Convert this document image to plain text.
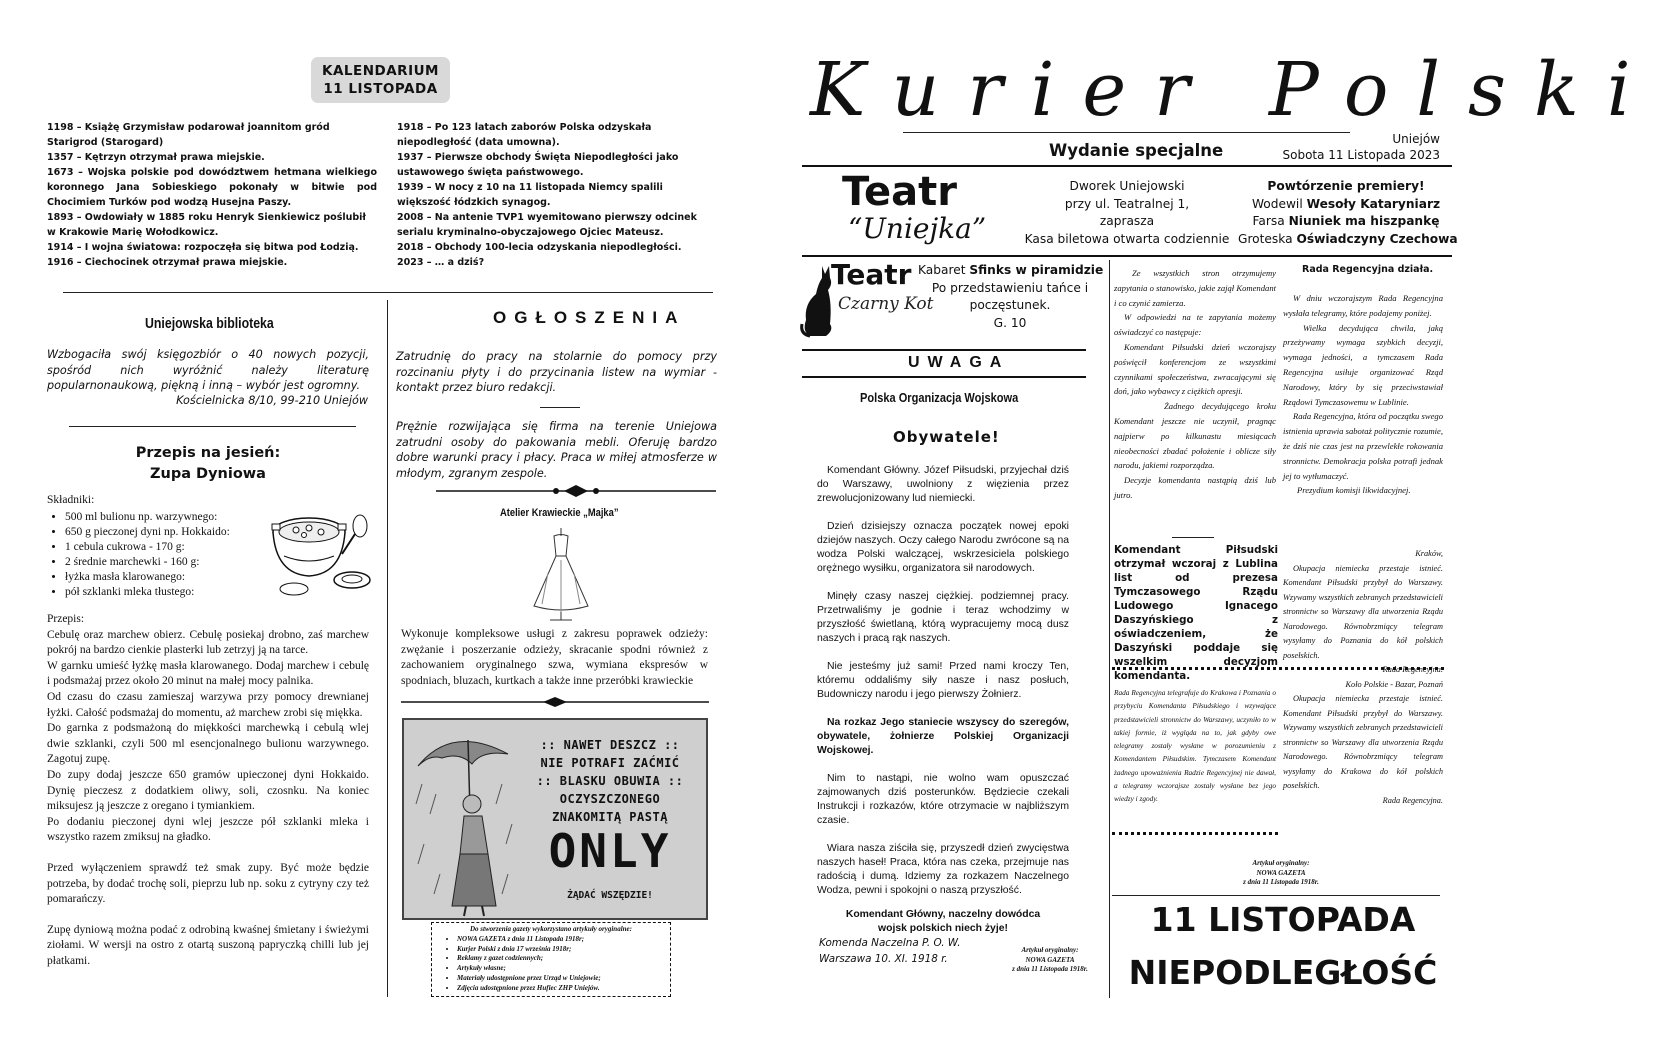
KALENDARIUM
11 LISTOPADA
1198 – Książę Grzymisław podarował joannitom gród Starigrod (Starogard)
1357 – Kętrzyn otrzymał prawa miejskie.
1673 – Wojska polskie pod dowództwem hetmana wielkiego koronnego Jana Sobieskiego pokonały w bitwie pod Chocimiem Turków pod wodzą Husejna Paszy.
1893 – Owdowiały w 1885 roku Henryk Sienkiewicz poślubił w Krakowie Marię Wołodkowicz.
1914 – I wojna światowa: rozpoczęła się bitwa pod Łodzią.
1916 – Ciechocinek otrzymał prawa miejskie.
1918 – Po 123 latach zaborów Polska odzyskała niepodległość (data umowna).
1937 – Pierwsze obchody Święta Niepodległości jako ustawowego święta państwowego.
1939 – W nocy z 10 na 11 listopada Niemcy spalili większość łódzkich synagog.
2008 – Na antenie TVP1 wyemitowano pierwszy odcinek serialu kryminalno-obyczajowego Ojciec Mateusz.
2018 – Obchody 100-lecia odzyskania niepodległości.
2023 – … a dziś?
Uniejowska biblioteka
Wzbogaciła swój księgozbiór o 40 nowych pozycji, spośród nich wyróżnić należy literaturę popularnonaukową, piękną i inną – wybór jest ogromny.
Kościelnicka 8/10, 99-210 Uniejów
Przepis na jesień:
Zupa Dyniowa
Składniki:
• 500 ml bulionu np. warzywnego:
• 650 g pieczonej dyni np. Hokkaido:
• 1 cebula cukrowa - 170 g:
• 2 średnie marchewki - 160 g:
• łyżka masła klarowanego:
• pół szklanki mleka tłustego:
Przepis:
Cebulę oraz marchew obierz. Cebulę posiekaj drobno, zaś marchew pokrój na bardzo cienkie plasterki lub zetrzyj ją na tarce.
W garnku umieść łyżkę masła klarowanego. Dodaj marchew i cebulę i podsmażaj przez około 20 minut na małej mocy palnika.
Od czasu do czasu zamieszaj warzywa przy pomocy drewnianej łyżki. Całość podsmażaj do momentu, aż marchew zrobi się miękka.
Do garnka z podsmażoną do miękkości marchewką i cebulą wlej dwie szklanki, czyli 500 ml esencjonalnego bulionu warzywnego. Zagotuj zupę.
Do zupy dodaj jeszcze 650 gramów upieczonej dyni Hokkaido. Dynię pieczesz z dodatkiem oliwy, soli, czosnku. Na koniec miksujesz ją jeszcze z oregano i tymiankiem.
Po dodaniu pieczonej dyni wlej jeszcze pół szklanki mleka i wszystko razem zmiksuj na gładko.
Przed wyłączeniem sprawdź też smak zupy. Być może będzie potrzeba, by dodać trochę soli, pieprzu lub np. soku z cytryny czy też pomarańczy.
Zupę dyniową można podać z odrobiną kwaśnej śmietany i świeżymi ziołami. W wersji na ostro z otartą suszoną papryczką chilli lub jej płatkami.
OGŁOSZENIA
Zatrudnię do pracy na stolarnie do pomocy przy rozcinaniu płyty i do przycinania listew na wymiar - kontakt przez biuro redakcji.
Prężnie rozwijająca się firma na terenie Uniejowa zatrudni osoby do pakowania mebli. Oferuję bardzo dobre warunki pracy i płacy. Praca w miłej atmosferze w młodym, zgranym zespole.
Atelier Krawieckie „Majka”
Wykonuje kompleksowe usługi z zakresu poprawek odzieży: zwężanie i poszerzanie odzieży, skracanie spodni również z zachowaniem oryginalnego szwa, wymiana ekspresów w spodniach, bluzach, kurtkach a także inne przeróbki krawieckie
:: NAWET DESZCZ ::
NIE POTRAFI ZAĆMIĆ
:: BLASKU OBUWIA ::
OCZYSZCZONEGO
ZNAKOMITĄ PASTĄ
ONLY
ŻĄDAĆ WSZĘDZIE!
Do stworzenia gazety wykorzystano artykuły oryginalne:
• NOWA GAZETA z dnia 11 Listopada 1918r;
• Kurjer Polski z dnia 17 września 1918r;
• Reklamy z gazet codziennych;
• Artykuły własne;
• Materiały udostępnione przez Urząd w Uniejowie;
• Zdjęcia udostępnione przez Hufiec ZHP Uniejów.
Kurier Polski
Uniejów
Wydanie specjalne	Sobota 11 Listopada 2023
Teatr
“Uniejka”
Dworek Uniejowski
przy ul. Teatralnej 1,
zaprasza
Kasa biletowa otwarta codziennie
Powtórzenie premiery!
Wodewil Wesoły Kataryniarz
Farsa Niuniek ma hiszpankę
Groteska Oświadczyny Czechowa
Teatr
Czarny Kot
Kabaret Sfinks w piramidzie
Po przedstawieniu tańce i
poczęstunek.
G. 10
UWAGA
Polska Organizacja Wojskowa
Obywatele!
Komendant Główny. Józef Piłsudski, przyjechał dziś do Warszawy, uwolniony z więzienia przez zrewolucjonizowany lud niemiecki.
Dzień dzisiejszy oznacza początek nowej epoki dziejów naszych. Oczy całego Narodu zwrócone są na wodza Polski walczącej, wskrzesiciela polskiego orężnego wysiłku, organizatora sił narodowych.
Minęły czasy naszej ciężkiej. podziemnej pracy. Przetrwaliśmy je godnie i teraz wchodzimy w przyszłość świetlaną, którą wypracujemy mocą dusz naszych i pracą rąk naszych.
Nie jesteśmy już sami! Przed nami kroczy Ten, któremu oddaliśmy siły nasze i nasz posłuch, Budowniczy narodu i jego pierwszy Żołnierz.
Na rozkaz Jego staniecie wszyscy do szeregów, obywatele, żołnierze Polskiej Organizacji Wojskowej.
Nim to nastąpi, nie wolno wam opuszczać zajmowanych dziś posterunków. Będziecie czekali Instrukcji i rozkazów, które otrzymacie w najbliższym czasie.
Wiara nasza ziściła się, przyszedł dzień zwycięstwa naszych haseł! Praca, która nas czeka, przejmuje nas radością i dumą. Idziemy za rozkazem Naczelnego Wodza, pewni i spokojni o naszą przyszłość.
Komendant Główny, naczelny dowódca
wojsk polskich niech żyje!
Komenda Naczelna P. O. W.
Warszawa 10. XI. 1918 r.
Artykuł oryginalny:
NOWA GAZETA
z dnia 11 Listopada 1918r.
Ze wszystkich stron otrzymujemy zapytania o stanowisko, jakie zajął Komendant i co czynić zamierza.
W odpowiedzi na te zapytania możemy oświadczyć co następuje:
Komendant Piłsudski dzień wczorajszy poświęcił konferencjom ze wszystkimi czynnikami społeczeństwa, zwracającymi się doń, jako wybawcy z ciężkich opresji.
Żadnego decydującego kroku Komendant jeszcze nie uczynił, pragnąc najpierw po kilkunastu miesiącach nieobecności zbadać położenie i oblicze siły narodu, jakiemi rozporządza.
Decyzje komendanta nastąpią dziś lub jutro.
Komendant Piłsudski otrzymał wczoraj z Lublina list od prezesa Tymczasowego Rządu Ludowego Ignacego Daszyńskiego z oświadczeniem, że Daszyński poddaje się wszelkim decyzjom komendanta.
Rada Regencyjna telegrafuje do Krakowa i Poznania o przybyciu Komendanta Piłsudskiego i wzywające przedstawicieli stronnictw do Warszawy, uczyniło to w takiej formie, iż wygląda na to, jak gdyby owe telegramy zostały wysłane w porozumieniu z Komendantem Piłsudskim. Tymczasem Komendant żadnego upoważnienia Radzie Regencyjnej nie dawał, a telegramy wczorajsze zostały wysłane bez jego wiedzy i zgody.
Rada Regencyjna działa.
W dniu wczorajszym Rada Regencyjna wysłała telegramy, które podajemy poniżej.
Wielka decydująca chwila, jaką przeżywamy wymaga szybkich decyzji, wymaga jedności, a tymczasem Rada Regencyjna usiłuje organizować Rząd Narodowy, który by się przeciwstawiał Rządowi Tymczasowemu w Lublinie.
Rada Regencyjna, która od początku swego istnienia uprawia sabotaż politycznie rozumie, że dziś nie czas jest na przewlekłe rokowania stronnictw. Demokracja polska potrafi jednak jej to wytłumaczyć.
Prezydium komisji likwidacyjnej.
Kraków,
Okupacja niemiecka przestaje istnieć. Komendant Piłsudski przybył do Warszawy. Wzywamy wszystkich zebranych przedstawicieli stronnictw so Warszawy dla utworzenia Rządu Narodowego. Równobrzmiący telegram wysyłamy do Poznania do kół polskich posełskich.
Rada Regencyjna.
Koło Polskie - Bazar, Poznań
Okupacja niemiecka przestaje istnieć. Komendant Piłsudski przybył do Warszawy. Wzywamy wszystkich zebranych przedstawicieli stronnictw so Warszawy dla utworzenia Rządu Narodowego. Równobrzmiący telegram wysyłamy do Krakowa do kół polskich posełskich.
Rada Regencyjna.
Artykuł oryginalny:
NOWA GAZETA
z dnia 11 Listopada 1918r.
11 LISTOPADA
NIEPODLEGŁOŚĆ
